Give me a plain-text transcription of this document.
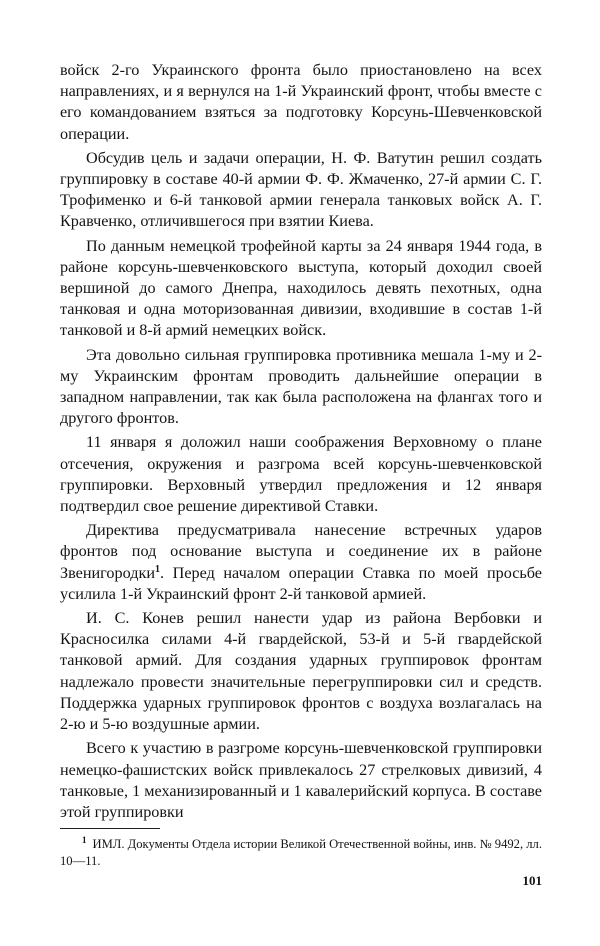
войск 2-го Украинского фронта было приостановлено на всех направлениях, и я вернулся на 1-й Украинский фронт, чтобы вместе с его командованием взяться за подготовку Корсунь-Шевченковской операции.

Обсудив цель и задачи операции, Н. Ф. Ватутин решил создать группировку в составе 40-й армии Ф. Ф. Жмаченко, 27-й армии С. Г. Трофименко и 6-й танковой армии генерала танковых войск А. Г. Кравченко, отличившегося при взятии Киева.

По данным немецкой трофейной карты за 24 января 1944 года, в районе корсунь-шевченковского выступа, который доходил своей вершиной до самого Днепра, находилось девять пехотных, одна танковая и одна моторизованная дивизии, входившие в состав 1-й танковой и 8-й армий немецких войск.

Эта довольно сильная группировка противника мешала 1-му и 2-му Украинским фронтам проводить дальнейшие операции в западном направлении, так как была расположена на флангах того и другого фронтов.

11 января я доложил наши соображения Верховному о плане отсечения, окружения и разгрома всей корсунь-шевченковской группировки. Верховный утвердил предложения и 12 января подтвердил свое решение директивой Ставки.

Директива предусматривала нанесение встречных ударов фронтов под основание выступа и соединение их в районе Звенигородки$^1$. Перед началом операции Ставка по моей просьбе усилила 1-й Украинский фронт 2-й танковой армией.

И. С. Конев решил нанести удар из района Вербовки и Красносилка силами 4-й гвардейской, 53-й и 5-й гвардейской танковой армий. Для создания ударных группировок фронтам надлежало провести значительные перегруппировки сил и средств. Поддержка ударных группировок фронтов с воздуха возлагалась на 2-ю и 5-ю воздушные армии.

Всего к участию в разгроме корсунь-шевченковской группировки немецко-фашистских войск привлекалось 27 стрелковых дивизий, 4 танковые, 1 механизированный и 1 кавалерийский корпуса. В составе этой группировки

$^1$ ИМЛ. Документы Отдела истории Великой Отечественной войны, инв. № 9492, лл. 10—11.

101
